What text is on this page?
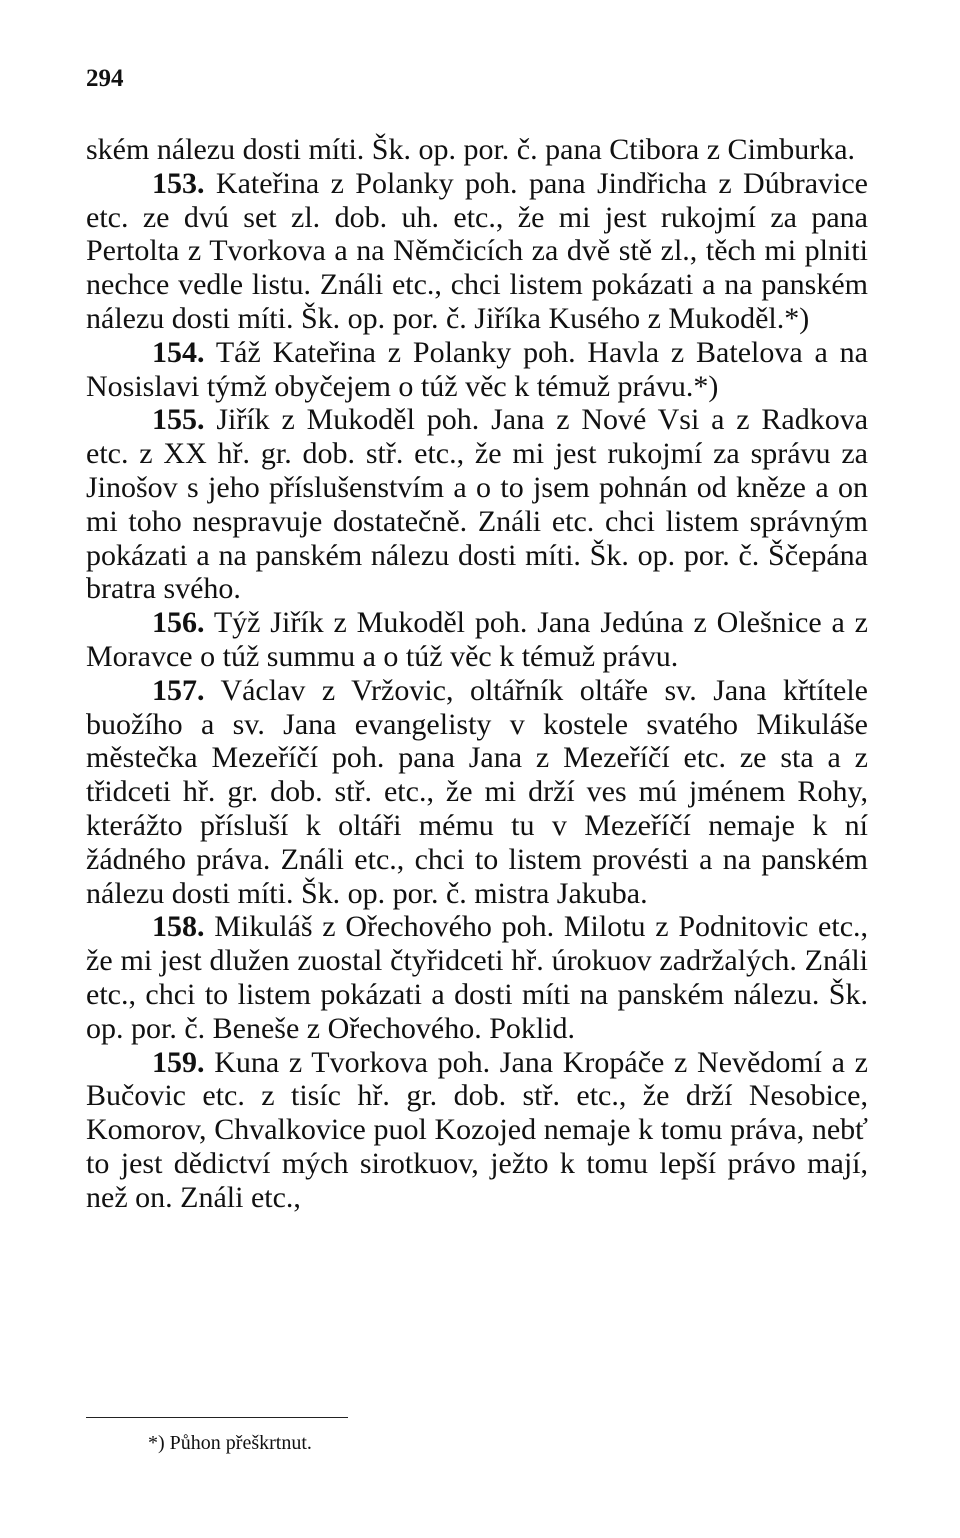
294

ském nálezu dosti míti. Šk. op. por. č. pana Ctibora z Cimburka.

153. Kateřina z Polanky poh. pana Jindřicha z Dúbravice etc. ze dvú set zl. dob. uh. etc., že mi jest rukojmí za pana Pertolta z Tvorkova a na Němčicích za dvě stě zl., těch mi plniti nechce vedle listu. Ználi etc., chci listem pokázati a na panském nálezu dosti míti. Šk. op. por. č. Jiříka Kusého z Mukoděl.*)

154. Táž Kateřina z Polanky poh. Havla z Batelova a na Nosislavi týmž obyčejem o túž věc k témuž právu.*)

155. Jiřík z Mukoděl poh. Jana z Nové Vsi a z Radkova etc. z XX hř. gr. dob. stř. etc., že mi jest rukojmí za správu za Jinošov s jeho příslušenstvím a o to jsem pohnán od kněze a on mi toho nespravuje dostatečně. Ználi etc. chci listem správným pokázati a na panském nálezu dosti míti. Šk. op. por. č. Ščepána bratra svého.

156. Týž Jiřík z Mukoděl poh. Jana Jedúna z Olešnice a z Moravce o túž summu a o túž věc k témuž právu.

157. Václav z Vržovic, oltářník oltáře sv. Jana křtítele buožího a sv. Jana evangelisty v kostele svatého Mikuláše městečka Mezeříčí poh. pana Jana z Mezeříčí etc. ze sta a z třidceti hř. gr. dob. stř. etc., že mi drží ves mú jménem Rohy, kterážto přísluší k oltáři mému tu v Mezeříčí nemaje k ní žádného práva. Ználi etc., chci to listem provésti a na panském nálezu dosti míti. Šk. op. por. č. mistra Jakuba.

158. Mikuláš z Ořechového poh. Milotu z Podnitovic etc., že mi jest dlužen zuostal čtyřidceti hř. úrokuov zadržalých. Ználi etc., chci to listem pokázati a dosti míti na panském nálezu. Šk. op. por. č. Beneše z Ořechového. Poklid.

159. Kuna z Tvorkova poh. Jana Kropáče z Nevědomí a z Bučovic etc. z tisíc hř. gr. dob. stř. etc., že drží Nesobice, Komorov, Chvalkovice puol Kozojed nemaje k tomu práva, nebť to jest dědictví mých sirotkuov, ježto k tomu lepší právo mají, než on. Ználi etc.,

*) Půhon přeškrtnut.
